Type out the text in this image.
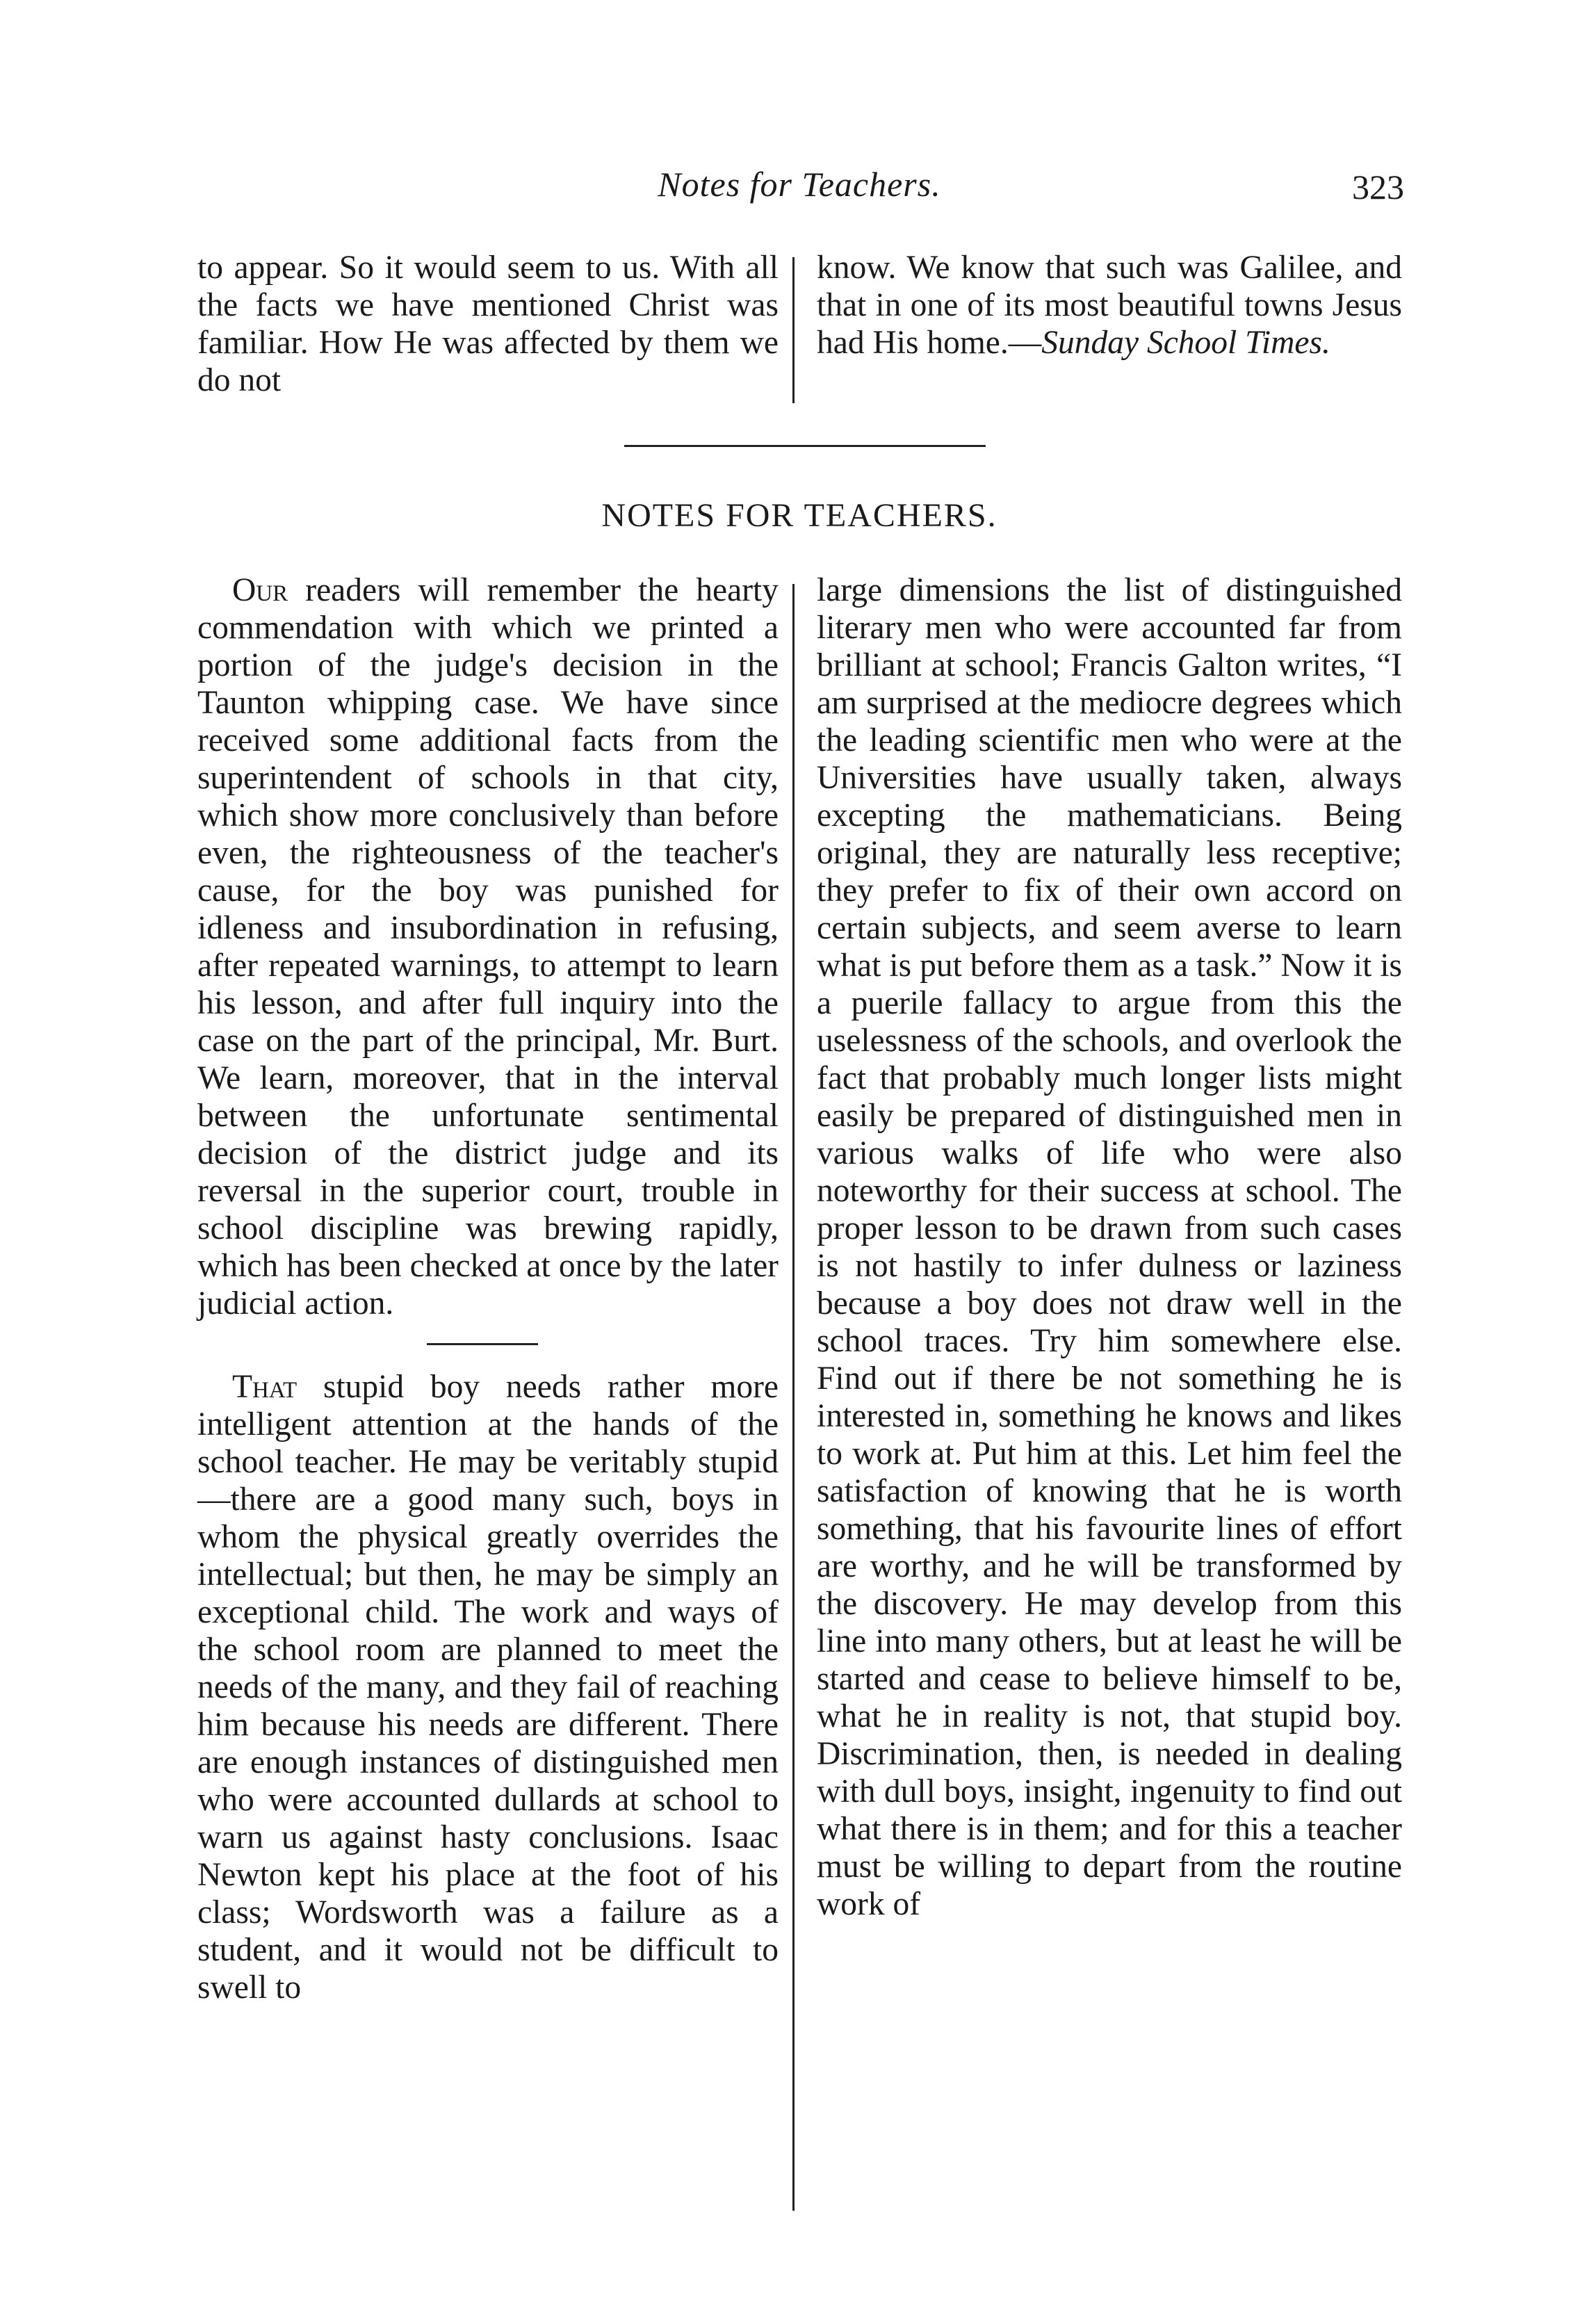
Notes for Teachers.	323

to appear. So it would seem to us. With all the facts we have mentioned Christ was familiar. How He was affected by them we do not

know. We know that such was Galilee, and that in one of its most beautiful towns Jesus had His home.—Sunday School Times.

NOTES FOR TEACHERS.

Our readers will remember the hearty commendation with which we printed a portion of the judge's decision in the Taunton whipping case. We have since received some additional facts from the superintendent of schools in that city, which show more conclusively than before even, the righteousness of the teacher's cause, for the boy was punished for idleness and insubordination in refusing, after repeated warnings, to attempt to learn his lesson, and after full inquiry into the case on the part of the principal, Mr. Burt. We learn, moreover, that in the interval between the unfortunate sentimental decision of the district judge and its reversal in the superior court, trouble in school discipline was brewing rapidly, which has been checked at once by the later judicial action.

That stupid boy needs rather more intelligent attention at the hands of the school teacher. He may be veritably stupid—there are a good many such, boys in whom the physical greatly overrides the intellectual; but then, he may be simply an exceptional child. The work and ways of the school room are planned to meet the needs of the many, and they fail of reaching him because his needs are different. There are enough instances of distinguished men who were accounted dullards at school to warn us against hasty conclusions. Isaac Newton kept his place at the foot of his class; Wordsworth was a failure as a student, and it would not be difficult to swell to

large dimensions the list of distinguished literary men who were accounted far from brilliant at school; Francis Galton writes, “I am surprised at the mediocre degrees which the leading scientific men who were at the Universities have usually taken, always excepting the mathematicians. Being original, they are naturally less receptive; they prefer to fix of their own accord on certain subjects, and seem averse to learn what is put before them as a task.” Now it is a puerile fallacy to argue from this the uselessness of the schools, and overlook the fact that probably much longer lists might easily be prepared of distinguished men in various walks of life who were also noteworthy for their success at school. The proper lesson to be drawn from such cases is not hastily to infer dulness or laziness because a boy does not draw well in the school traces. Try him somewhere else. Find out if there be not something he is interested in, something he knows and likes to work at. Put him at this. Let him feel the satisfaction of knowing that he is worth something, that his favourite lines of effort are worthy, and he will be transformed by the discovery. He may develop from this line into many others, but at least he will be started and cease to believe himself to be, what he in reality is not, that stupid boy. Discrimination, then, is needed in dealing with dull boys, insight, ingenuity to find out what there is in them; and for this a teacher must be willing to depart from the routine work of
